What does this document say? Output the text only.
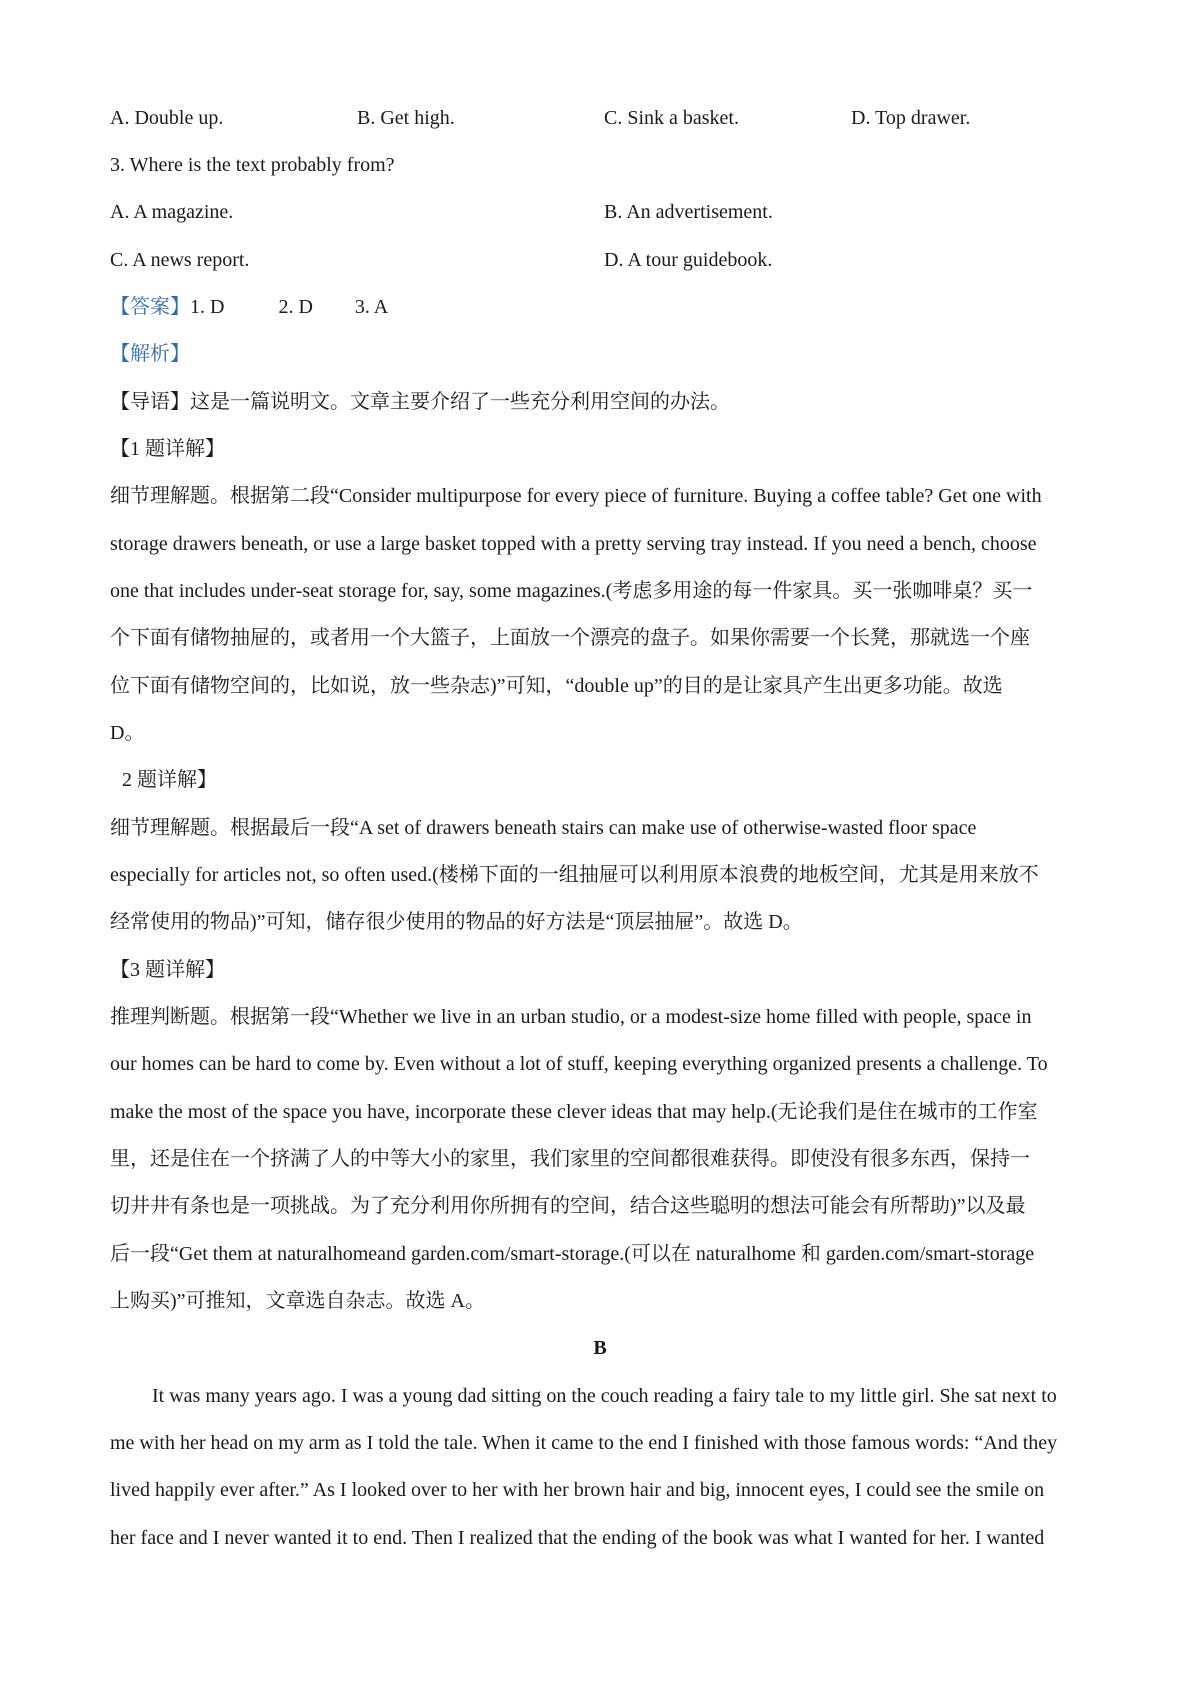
A. Double up.	B. Get high.	C. Sink a basket.	D. Top drawer.
3. Where is the text probably from?
A. A magazine.	B. An advertisement.
C. A news report.	D. A tour guidebook.
【答案】1. D	2. D 3. A
【解析】
【导语】这是一篇说明文。文章主要介绍了一些充分利用空间的办法。
【1 题详解】
细节理解题。根据第二段“Consider multipurpose for every piece of furniture. Buying a coffee table? Get one with
storage drawers beneath, or use a large basket topped with a pretty serving tray instead. If you need a bench, choose
one that includes under-seat storage for, say, some magazines.(考虑多用途的每一件家具。买一张咖啡桌？买一
个下面有储物抽屉的，或者用一个大篮子，上面放一个漂亮的盘子。如果你需要一个长凳，那就选一个座
位下面有储物空间的，比如说，放一些杂志)”可知，“double up”的目的是让家具产生出更多功能。故选
D。
2 题详解】
细节理解题。根据最后一段“A set of drawers beneath stairs can make use of otherwise-wasted floor space
especially for articles not, so often used.(楼梯下面的一组抽屉可以利用原本浪费的地板空间，尤其是用来放不
经常使用的物品)”可知，储存很少使用的物品的好方法是“顶层抽屉”。故选 D。
【3 题详解】
推理判断题。根据第一段“Whether we live in an urban studio, or a modest-size home filled with people, space in
our homes can be hard to come by. Even without a lot of stuff, keeping everything organized presents a challenge. To
make the most of the space you have, incorporate these clever ideas that may help.(无论我们是住在城市的工作室
里，还是住在一个挤满了人的中等大小的家里，我们家里的空间都很难获得。即使没有很多东西，保持一
切井井有条也是一项挑战。为了充分利用你所拥有的空间，结合这些聪明的想法可能会有所帮助)”以及最
后一段“Get them at naturalhomeand garden.com/smart-storage.(可以在 naturalhome 和 garden.com/smart-storage
上购买)”可推知，文章选自杂志。故选 A。
B
It was many years ago. I was a young dad sitting on the couch reading a fairy tale to my little girl. She sat next to
me with her head on my arm as I told the tale. When it came to the end I finished with those famous words: “And they
lived happily ever after.” As I looked over to her with her brown hair and big, innocent eyes, I could see the smile on
her face and I never wanted it to end. Then I realized that the ending of the book was what I wanted for her. I wanted
